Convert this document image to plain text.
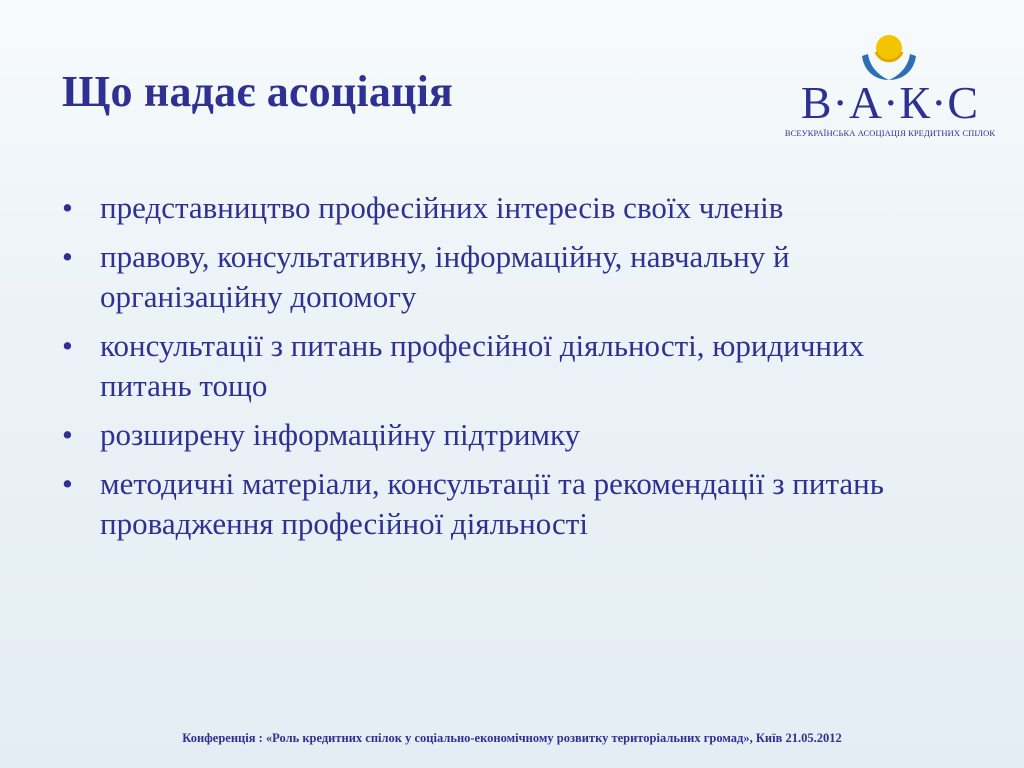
Що надає асоціація	В·А·К·С
ВСЕУКРАЇНСЬКА АСОЦІАЦІЯ КРЕДИТНИХ СПІЛОК
• представництво професійних інтересів своїх членів
• правову, консультативну, інформаційну, навчальну й організаційну допомогу
• консультації з питань професійної діяльності, юридичних питань тощо
• розширену інформаційну підтримку
• методичні матеріали, консультації та рекомендації з питань провадження професійної діяльності
Конференція : «Роль кредитних спілок у соціально-економічному розвитку територіальних громад», Київ 21.05.2012
